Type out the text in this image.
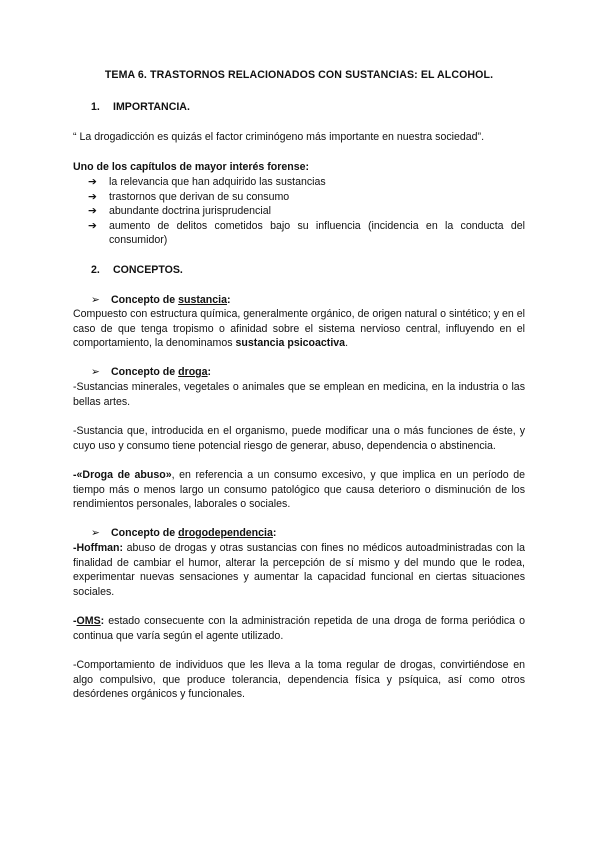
TEMA 6. TRASTORNOS RELACIONADOS CON SUSTANCIAS: EL ALCOHOL.
1. IMPORTANCIA.
“ La drogadicción es quizás el factor criminógeno más importante en nuestra sociedad”.
Uno de los capítulos de mayor interés forense:
➔ la relevancia que han adquirido las sustancias
➔ trastornos que derivan de su consumo
➔ abundante doctrina jurisprudencial
➔ aumento de delitos cometidos bajo su influencia (incidencia en la conducta del consumidor)
2. CONCEPTOS.
➢ Concepto de sustancia:
Compuesto con estructura química, generalmente orgánico, de origen natural o sintético; y en el caso de que tenga tropismo o afinidad sobre el sistema nervioso central, influyendo en el comportamiento, la denominamos sustancia psicoactiva.
➢ Concepto de droga:
-Sustancias minerales, vegetales o animales que se emplean en medicina, en la industria o las bellas artes.
-Sustancia que, introducida en el organismo, puede modificar una o más funciones de éste, y cuyo uso y consumo tiene potencial riesgo de generar, abuso, dependencia o abstinencia.
-«Droga de abuso», en referencia a un consumo excesivo, y que implica en un período de tiempo más o menos largo un consumo patológico que causa deterioro o disminución de los rendimientos personales, laborales o sociales.
➢ Concepto de drogodependencia:
-Hoffman: abuso de drogas y otras sustancias con fines no médicos autoadministradas con la finalidad de cambiar el humor, alterar la percepción de sí mismo y del mundo que le rodea, experimentar nuevas sensaciones y aumentar la capacidad funcional en ciertas situaciones sociales.
-OMS: estado consecuente con la administración repetida de una droga de forma periódica o continua que varía según el agente utilizado.
-Comportamiento de individuos que les lleva a la toma regular de drogas, convirtiéndose en algo compulsivo, que produce tolerancia, dependencia física y psíquica, así como otros desórdenes orgánicos y funcionales.
